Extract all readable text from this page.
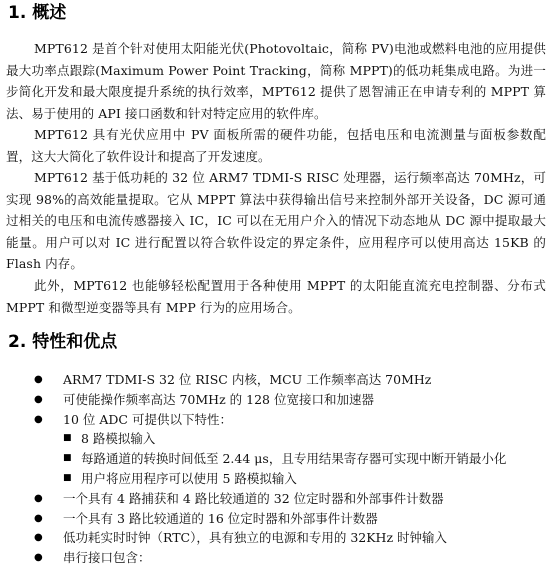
1. 概述
MPT612 是首个针对使用太阳能光伏(Photovoltaic，简称 PV)电池或燃料电池的应用提供最大功率点跟踪(Maximum Power Point Tracking，简称 MPPT)的低功耗集成电路。为进一步简化开发和最大限度提升系统的执行效率，MPT612 提供了恩智浦正在申请专利的 MPPT 算法、易于使用的 API 接口函数和针对特定应用的软件库。
MPT612 具有光伏应用中 PV 面板所需的硬件功能，包括电压和电流测量与面板参数配置，这大大简化了软件设计和提高了开发速度。
MPT612 基于低功耗的 32 位 ARM7 TDMI-S RISC 处理器，运行频率高达 70MHz，可实现 98%的高效能量提取。它从 MPPT 算法中获得输出信号来控制外部开关设备，DC 源可通过相关的电压和电流传感器接入 IC，IC 可以在无用户介入的情况下动态地从 DC 源中提取最大能量。用户可以对 IC 进行配置以符合软件设定的界定条件，应用程序可以使用高达 15KB 的 Flash 内存。
此外，MPT612 也能够轻松配置用于各种使用 MPPT 的太阳能直流充电控制器、分布式 MPPT 和微型逆变器等具有 MPP 行为的应用场合。
2. 特性和优点
● ARM7 TDMI-S 32 位 RISC 内核，MCU 工作频率高达 70MHz
● 可使能操作频率高达 70MHz 的 128 位宽接口和加速器
● 10 位 ADC 可提供以下特性：
■ 8 路模拟输入
■ 每路通道的转换时间低至 2.44 μs，且专用结果寄存器可实现中断开销最小化
■ 用户将应用程序可以使用 5 路模拟输入
● 一个具有 4 路捕获和 4 路比较通道的 32 位定时器和外部事件计数器
● 一个具有 3 路比较通道的 16 位定时器和外部事件计数器
● 低功耗实时时钟（RTC），具有独立的电源和专用的 32KHz 时钟输入
● 串行接口包含：
